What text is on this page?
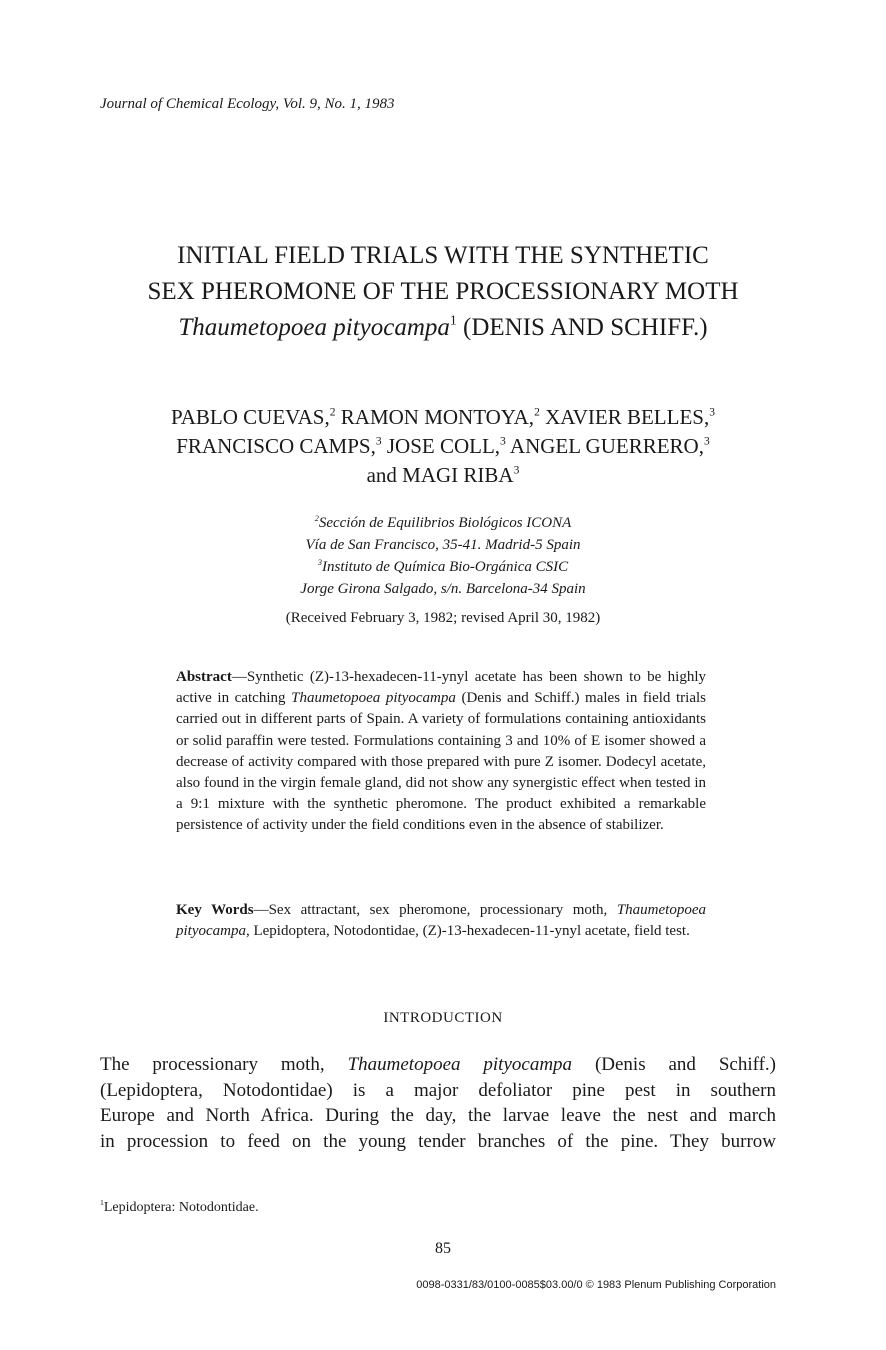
Journal of Chemical Ecology, Vol. 9, No. 1, 1983
INITIAL FIELD TRIALS WITH THE SYNTHETIC
SEX PHEROMONE OF THE PROCESSIONARY MOTH
Thaumetopoea pityocampa$^1$ (DENIS AND SCHIFF.)
PABLO CUEVAS,$^2$ RAMON MONTOYA,$^2$ XAVIER BELLES,$^3$
FRANCISCO CAMPS,$^3$ JOSE COLL,$^3$ ANGEL GUERRERO,$^3$
and MAGI RIBA$^3$
$^2$Sección de Equilibrios Biológicos ICONA
Vía de San Francisco, 35-41. Madrid-5 Spain
$^3$Instituto de Química Bio-Orgánica CSIC
Jorge Girona Salgado, s/n. Barcelona-34 Spain
(Received February 3, 1982; revised April 30, 1982)
Abstract—Synthetic (Z)-13-hexadecen-11-ynyl acetate has been shown to be highly active in catching Thaumetopoea pityocampa (Denis and Schiff.) males in field trials carried out in different parts of Spain. A variety of formulations containing antioxidants or solid paraffin were tested. Formulations containing 3 and 10% of E isomer showed a decrease of activity compared with those prepared with pure Z isomer. Dodecyl acetate, also found in the virgin female gland, did not show any synergistic effect when tested in a 9:1 mixture with the synthetic pheromone. The product exhibited a remarkable persistence of activity under the field conditions even in the absence of stabilizer.
Key Words—Sex attractant, sex pheromone, processionary moth, Thaumetopoea pityocampa, Lepidoptera, Notodontidae, (Z)-13-hexadecen-11-ynyl acetate, field test.
INTRODUCTION
The processionary moth, Thaumetopoea pityocampa (Denis and Schiff.)
(Lepidoptera, Notodontidae) is a major defoliator pine pest in southern
Europe and North Africa. During the day, the larvae leave the nest and march
in procession to feed on the young tender branches of the pine. They burrow
$^1$Lepidoptera: Notodontidae.
85
0098-0331/83/0100-0085$03.00/0 © 1983 Plenum Publishing Corporation
